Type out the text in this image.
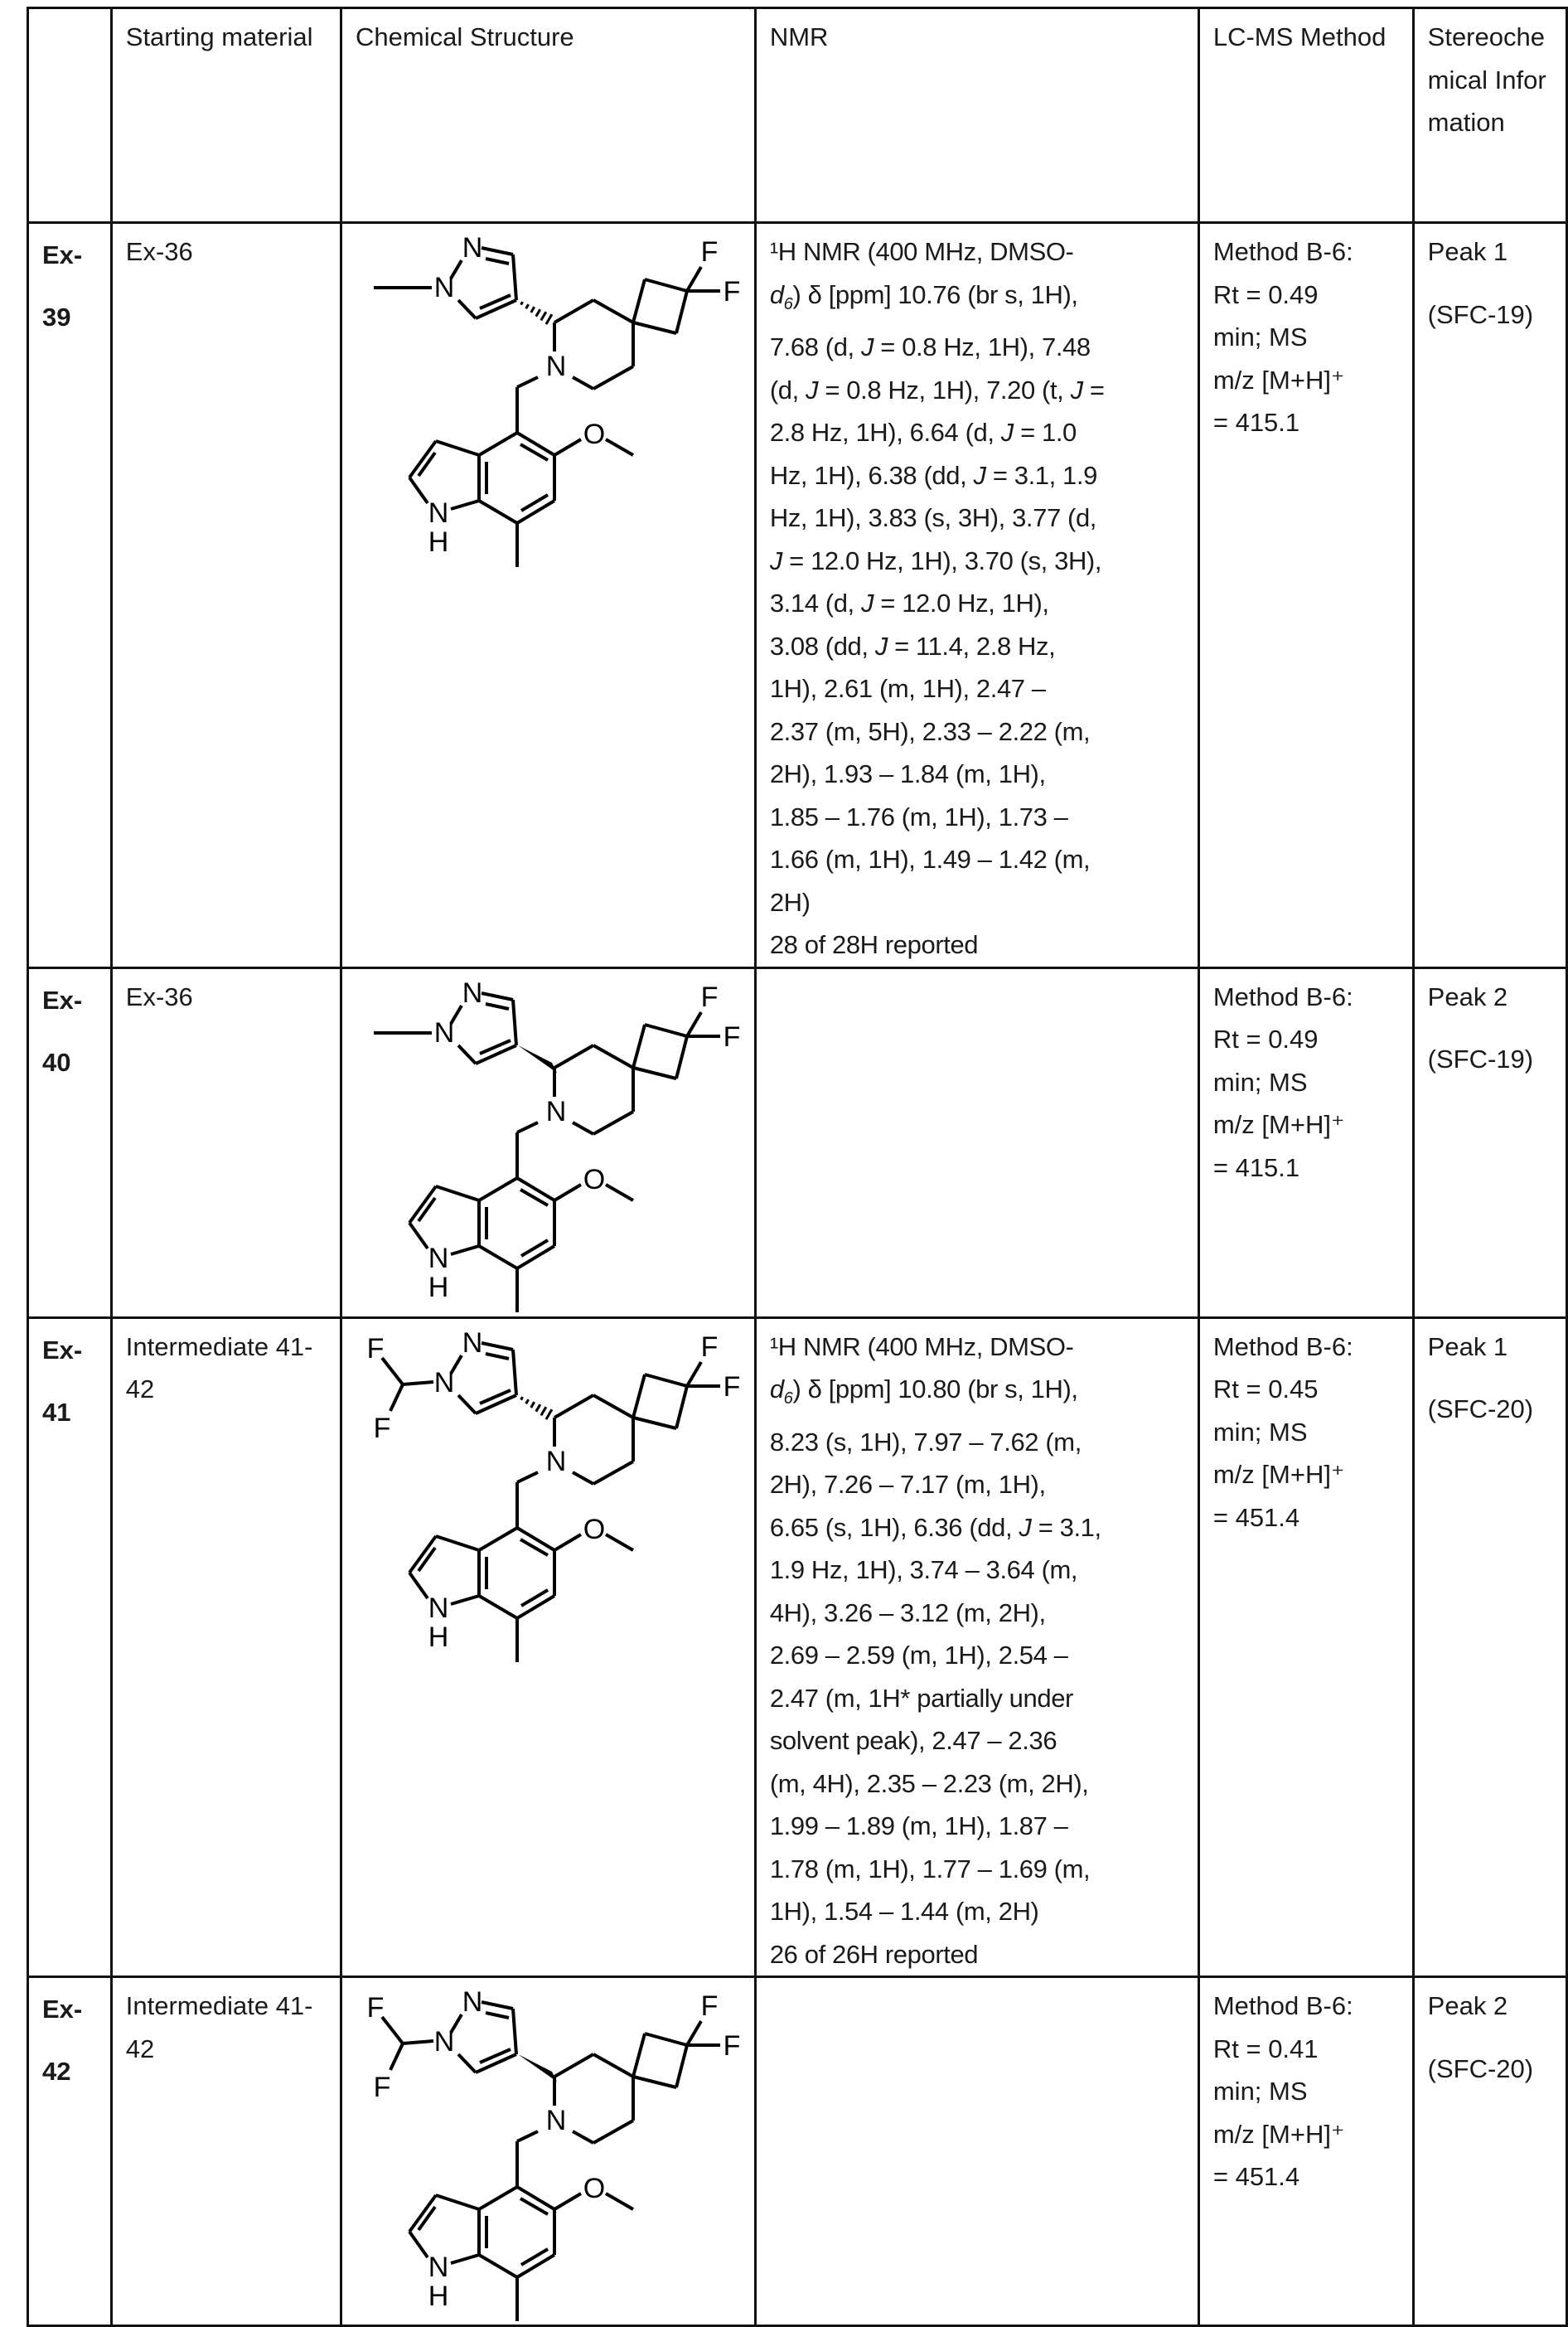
	Starting material	Chemical Structure	NMR	LC-MS Method	Stereochemical Information
Ex-39	Ex-36	
N
N
N
F
F
O
N
H

¹H NMR (400 MHz, DMSO-
d6) δ [ppm] 10.76 (br s, 1H),
7.68 (d, J = 0.8 Hz, 1H), 7.48
(d, J = 0.8 Hz, 1H), 7.20 (t, J =
2.8 Hz, 1H), 6.64 (d, J = 1.0
Hz, 1H), 6.38 (dd, J = 3.1, 1.9
Hz, 1H), 3.83 (s, 3H), 3.77 (d,
J = 12.0 Hz, 1H), 3.70 (s, 3H),
3.14 (d, J = 12.0 Hz, 1H),
3.08 (dd, J = 11.4, 2.8 Hz,
1H), 2.61 (m, 1H), 2.47 –
2.37 (m, 5H), 2.33 – 2.22 (m,
2H), 1.93 – 1.84 (m, 1H),
1.85 – 1.76 (m, 1H), 1.73 –
1.66 (m, 1H), 1.49 – 1.42 (m,
2H)
28 of 28H reported

Method B-6:
Rt = 0.49
min; MS
m/z [M+H]⁺
= 415.1
	Peak 1
(SFC-19)

Ex-40	Ex-36	
N
N
N
F
F
O
N
H

Method B-6:
Rt = 0.49
min; MS
m/z [M+H]⁺
= 415.1
	Peak 2
(SFC-19)

Ex-41	Intermediate 41-42	
F
F
N
N
N
F
F
O
N
H

¹H NMR (400 MHz, DMSO-
d6) δ [ppm] 10.80 (br s, 1H),
8.23 (s, 1H), 7.97 – 7.62 (m,
2H), 7.26 – 7.17 (m, 1H),
6.65 (s, 1H), 6.36 (dd, J = 3.1,
1.9 Hz, 1H), 3.74 – 3.64 (m,
4H), 3.26 – 3.12 (m, 2H),
2.69 – 2.59 (m, 1H), 2.54 –
2.47 (m, 1H* partially under
solvent peak), 2.47 – 2.36
(m, 4H), 2.35 – 2.23 (m, 2H),
1.99 – 1.89 (m, 1H), 1.87 –
1.78 (m, 1H), 1.77 – 1.69 (m,
1H), 1.54 – 1.44 (m, 2H)
26 of 26H reported

Method B-6:
Rt = 0.45
min; MS
m/z [M+H]⁺
= 451.4
	Peak 1
(SFC-20)

Ex-42	Intermediate 41-42	
F
F
N
N
N
F
F
O
N
H

Method B-6:
Rt = 0.41
min; MS
m/z [M+H]⁺
= 451.4
	Peak 2
(SFC-20)
